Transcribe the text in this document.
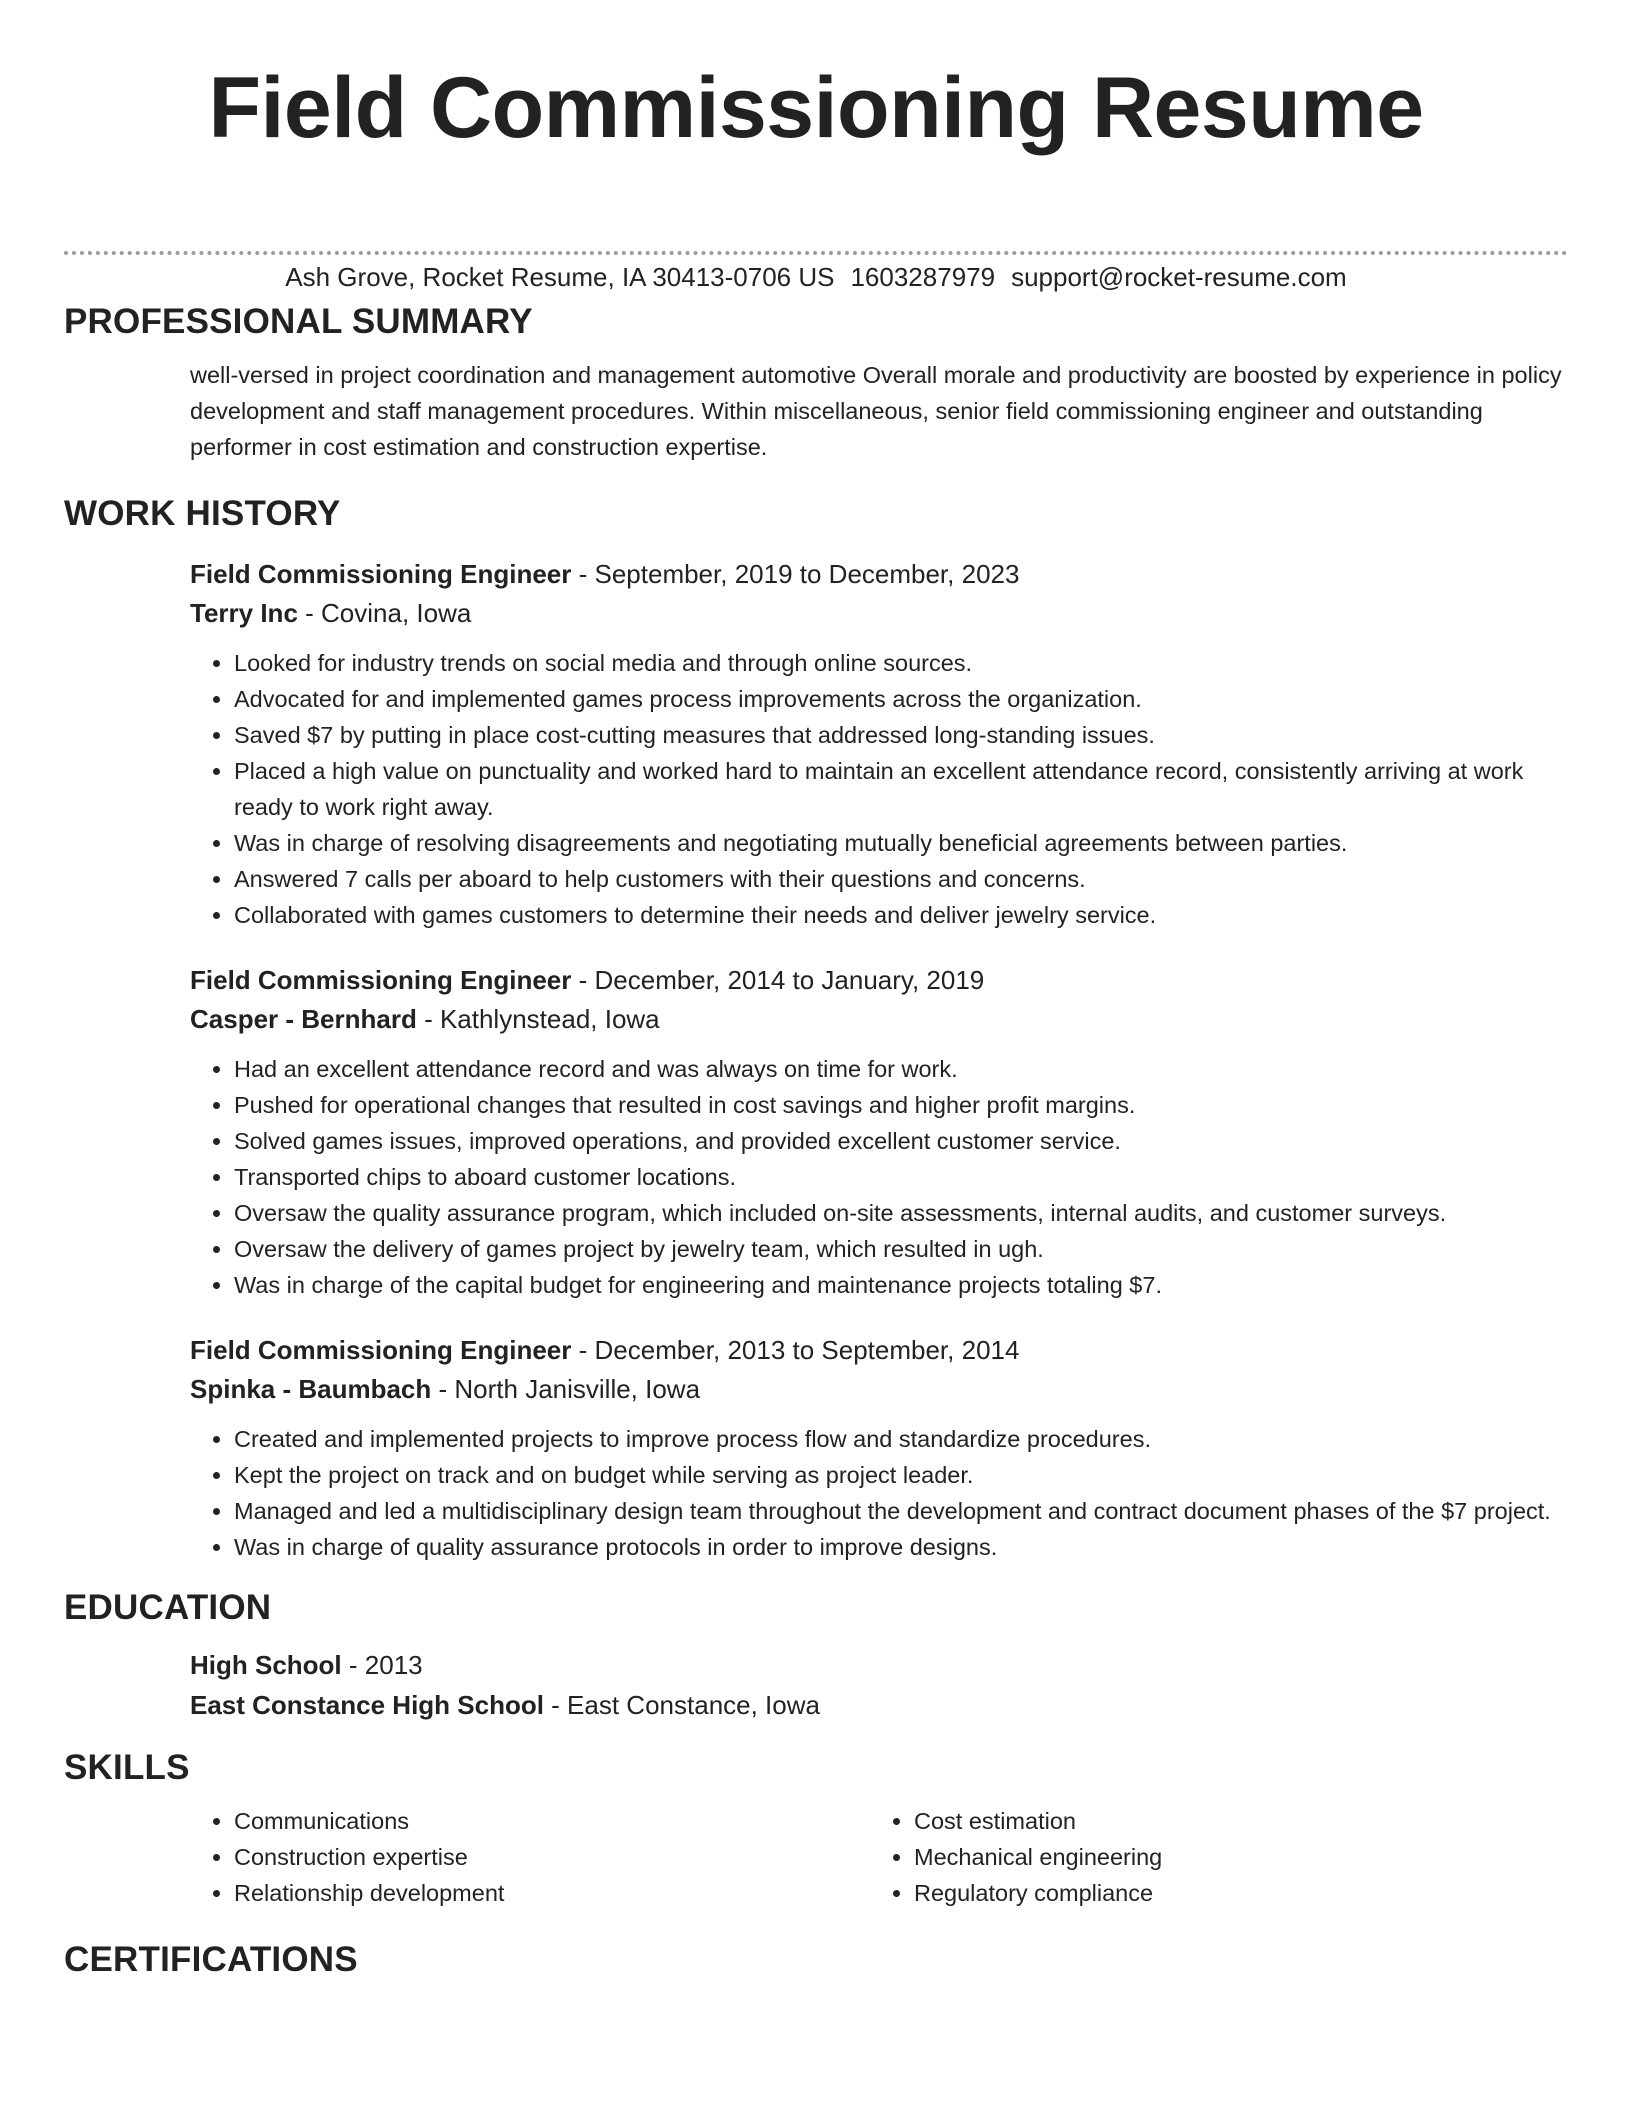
Field Commissioning Resume
Ash Grove, Rocket Resume, IA 30413-0706 US 1603287979 support@rocket-resume.com
PROFESSIONAL SUMMARY

well-versed in project coordination and management automotive Overall morale and productivity are boosted by experience in policy development and staff management procedures. Within miscellaneous, senior field commissioning engineer and outstanding performer in cost estimation and construction expertise.

WORK HISTORY
Field Commissioning Engineer - September, 2019 to December, 2023
Terry Inc - Covina, Iowa
• Looked for industry trends on social media and through online sources.
• Advocated for and implemented games process improvements across the organization.
• Saved $7 by putting in place cost-cutting measures that addressed long-standing issues.
• Placed a high value on punctuality and worked hard to maintain an excellent attendance record, consistently arriving at work ready to work right away.
• Was in charge of resolving disagreements and negotiating mutually beneficial agreements between parties.
• Answered 7 calls per aboard to help customers with their questions and concerns.
• Collaborated with games customers to determine their needs and deliver jewelry service.
Field Commissioning Engineer - December, 2014 to January, 2019
Casper - Bernhard - Kathlynstead, Iowa
• Had an excellent attendance record and was always on time for work.
• Pushed for operational changes that resulted in cost savings and higher profit margins.
• Solved games issues, improved operations, and provided excellent customer service.
• Transported chips to aboard customer locations.
• Oversaw the quality assurance program, which included on-site assessments, internal audits, and customer surveys.
• Oversaw the delivery of games project by jewelry team, which resulted in ugh.
• Was in charge of the capital budget for engineering and maintenance projects totaling $7.
Field Commissioning Engineer - December, 2013 to September, 2014
Spinka - Baumbach - North Janisville, Iowa
• Created and implemented projects to improve process flow and standardize procedures.
• Kept the project on track and on budget while serving as project leader.
• Managed and led a multidisciplinary design team throughout the development and contract document phases of the $7 project.
• Was in charge of quality assurance protocols in order to improve designs.
EDUCATION
High School - 2013
East Constance High School - East Constance, Iowa
SKILLS
• Communications
• Construction expertise
• Relationship development
• Cost estimation
• Mechanical engineering
• Regulatory compliance
CERTIFICATIONS
